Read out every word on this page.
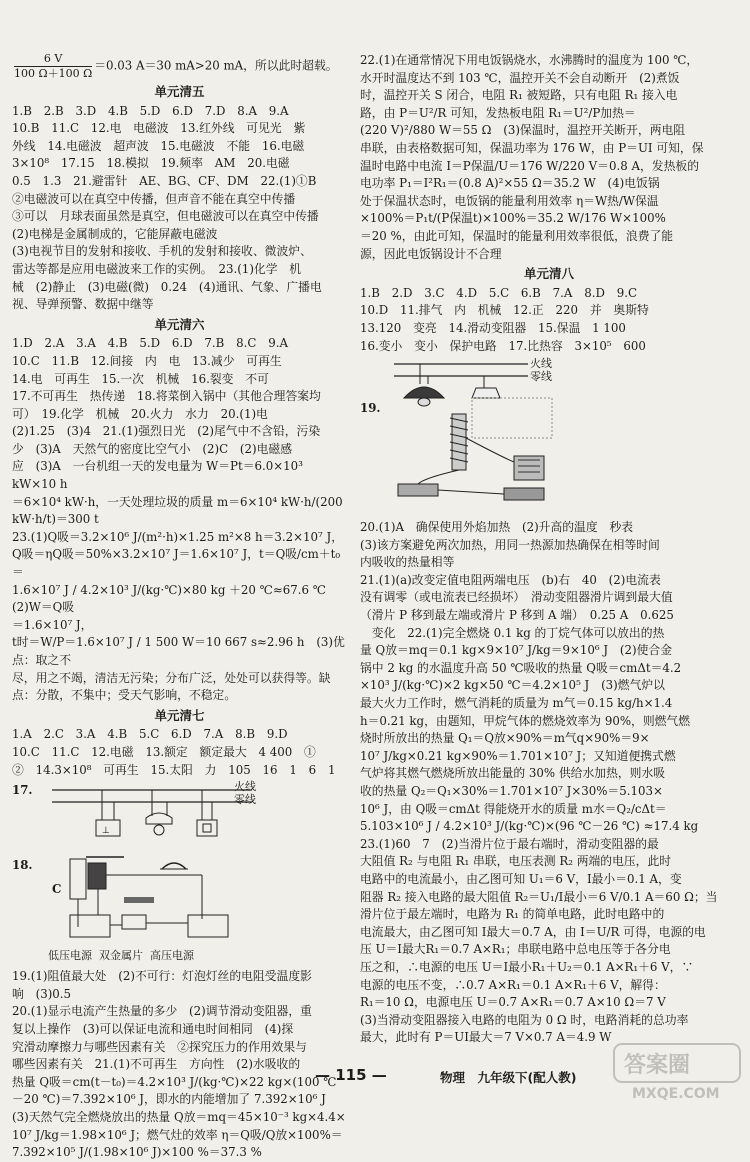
$\frac{6 V}{100 \Omega+100 \Omega} =0.03$ A＝30 mA>20 mA，所以此时超载。

单元清五

1.B　2.B　3.D　4.B　5.D　6.D　7.D　8.A　9.A

10.B　11.C　12.电　电磁波　13.红外线　可见光　紫

外线　14.电磁波　超声波　15.电磁波　不能　16.电磁

3×10⁸　17.15　18.模拟　19.频率　AM　20.电磁

0.5　1.3　21.避雷针　AE、BG、CF、DM　22.(1)①B

②电磁波可以在真空中传播，但声音不能在真空中传播

③可以　月球表面虽然是真空，但电磁波可以在真空中传播

(2)电梯是金属制成的，它能屏蔽电磁波

(3)电视节目的发射和接收、手机的发射和接收、微波炉、

雷达等都是应用电磁波来工作的实例。　23.(1)化学　机

械　(2)静止　(3)电磁(微)　0.24　(4)通讯、气象、广播电

视、导弹预警、数据中继等

单元清六

1.D　2.A　3.A　4.B　5.D　6.D　7.B　8.C　9.A

10.C　11.B　12.间接　内　电　13.减少　可再生

14.电　可再生　15.一次　机械　16.裂变　不可

17.不可再生　热传递　18.将菜倒入锅中（其他合理答案均

可）　19.化学　机械　20.火力　水力　20.(1)电

(2)1.25　(3)4　21.(1)强烈日光　(2)尾气中不含铅，污染

少　(3)A　天然气的密度比空气小　(2)C　(2)电磁感

应　(3)A　一台机组一天的发电量为 W＝Pt＝6.0×10³ kW×10 h

＝6×10⁴ kW·h，一天处理垃圾的质量 m＝6×10⁴ kW·h/(200

kW·h/t)＝300 t

23.(1)Q吸＝3.2×10⁶ J/(m²·h)×1.25 m²×8 h＝3.2×10⁷ J，

Q吸＝ηQ吸＝50%×3.2×10⁷ J＝1.6×10⁷ J，t＝Q吸/cm＋t₀＝

1.6×10⁷ J / 4.2×10³ J/(kg·℃)×80 kg ＋20 ℃≈67.6 ℃　(2)W＝Q吸

＝1.6×10⁷ J，

t时＝W/P＝1.6×10⁷ J / 1 500 W＝10 667 s≈2.96 h　(3)优点：取之不

尽，用之不竭，清洁无污染；分布广泛，处处可以获得等。缺

点：分散，不集中；受天气影响，不稳定。

单元清七

1.A　2.C　3.A　4.B　5.C　6.D　7.A　8.B　9.D

10.C　11.C　12.电磁　13.额定　额定最大　4 400　①

②　14.3×10⁸　可再生　15.太阳　力　105　16　1　6　1

17.
⊥
火线
零线
18.
C
低压电源 双金属片 高压电源

19.(1)阻值最大处　(2)不可行：灯泡灯丝的电阻受温度影

响　(3)0.5

20.(1)显示电流产生热量的多少　(2)调节滑动变阻器，重

复以上操作　(3)可以保证电流和通电时间相同　(4)探

究滑动摩擦力与哪些因素有关　②探究压力的作用效果与

哪些因素有关　21.(1)不可再生　方向性　(2)水吸收的

热量 Q吸＝cm(t－t₀)＝4.2×10³ J/(kg·℃)×22 kg×(100 ℃

－20 ℃)＝7.392×10⁶ J，即水的内能增加了 7.392×10⁶ J

(3)天然气完全燃烧放出的热量 Q放＝mq＝45×10⁻³ kg×4.4×

10⁷ J/kg＝1.98×10⁶ J；燃气灶的效率 η＝Q吸/Q放×100%＝

7.392×10⁵ J/(1.98×10⁶ J)×100 %＝37.3 %

22.(1)在通常情况下用电饭锅烧水，水沸腾时的温度为 100 ℃，

水开时温度达不到 103 ℃，温控开关不会自动断开　(2)煮饭

时，温控开关 S 闭合，电阻 R₁ 被短路，只有电阻 R₁ 接入电

路，由 P＝U²/R 可知，发热板电阻 R₁＝U²/P加热＝

(220 V)²/880 W＝55 Ω　(3)保温时，温控开关断开，两电阻

串联，由表格数据可知，保温功率为 176 W，由 P＝UI 可知，保

温时电路中电流 I＝P保温/U＝176 W/220 V＝0.8 A，发热板的

电功率 P₁＝I²R₁＝(0.8 A)²×55 Ω＝35.2 W　(4)电饭锅

处于保温状态时，电饭锅的能量利用效率 η＝W热/W保温

×100%＝P₁t/(P保温t)×100%＝35.2 W/176 W×100%

＝20 %，由此可知，保温时的能量利用效率很低，浪费了能

源，因此电饭锅设计不合理

单元清八

1.B　2.D　3.C　4.D　5.C　6.B　7.A　8.D　9.C

10.D　11.排气　内　机械　12.正　220　并　奥斯特

13.120　变亮　14.滑动变阻器　15.保温　1 100

16.变小　变小　保护电路　17.比热容　3×10⁵　600

火线
零线
19.

20.(1)A　确保使用外焰加热　(2)升高的温度　秒表

(3)该方案避免两次加热，用同一热源加热确保在相等时间

内吸收的热量相等

21.(1)(a)改变定值电阻两端电压　(b)右　40　(2)电流表

没有调零（或电流表已经损坏）　滑动变阻器滑片调到最大值

（滑片 P 移到最左端或滑片 P 移到 A 端）　0.25 A　0.625

　变化　22.(1)完全燃烧 0.1 kg 的丁烷气体可以放出的热

量 Q放＝mq＝0.1 kg×9×10⁷ J/kg＝9×10⁶ J　(2)使合金

锅中 2 kg 的水温度升高 50 ℃吸收的热量 Q吸＝cmΔt＝4.2

×10³ J/(kg·℃)×2 kg×50 ℃＝4.2×10⁵ J　(3)燃气炉以

最大火力工作时，燃气消耗的质量为 m气＝0.15 kg/h×1.4

h＝0.21 kg，由题知，甲烷气体的燃烧效率为 90%，则燃气燃

烧时所放出的热量 Q₁＝Q放×90%＝m气q×90%＝9×

10⁷ J/kg×0.21 kg×90%＝1.701×10⁷ J；又知道便携式燃

气炉将其燃气燃烧所放出能量的 30% 供给水加热，则水吸

收的热量 Q₂＝Q₁×30%＝1.701×10⁷ J×30%＝5.103×

10⁶ J，由 Q吸＝cmΔt 得能烧开水的质量 m水＝Q₂/cΔt＝

5.103×10⁶ J / 4.2×10³ J/(kg·℃)×(96 ℃－26 ℃) ≈17.4 kg

23.(1)60　7　(2)当滑片位于最右端时，滑动变阻器的最

大阻值 R₂ 与电阻 R₁ 串联，电压表测 R₂ 两端的电压，此时

电路中的电流最小，由乙图可知 U₁＝6 V，I最小＝0.1 A，变

阻器 R₂ 接入电路的最大阻值 R₂＝U₁/I最小＝6 V/0.1 A＝60 Ω；当

滑片位于最左端时，电路为 R₁ 的简单电路，此时电路中的

电流最大，由乙图可知 I最大＝0.7 A，由 I＝U/R 可得，电源的电

压 U＝I最大R₁＝0.7 A×R₁；串联电路中总电压等于各分电

压之和，∴电源的电压 U＝I最小R₁＋U₂＝0.1 A×R₁＋6 V，∵

电源的电压不变，∴0.7 A×R₁＝0.1 A×R₁＋6 V，解得：

R₁＝10 Ω，电源电压 U＝0.7 A×R₁＝0.7 A×10 Ω＝7 V

(3)当滑动变阻器接入电路的电阻为 0 Ω 时，电路消耗的总功率

最大，此时有 P＝UI最大＝7 V×0.7 A＝4.9 W

— 115 —	物理　九年级下(配人教) 答案圈
MXQE.COM
